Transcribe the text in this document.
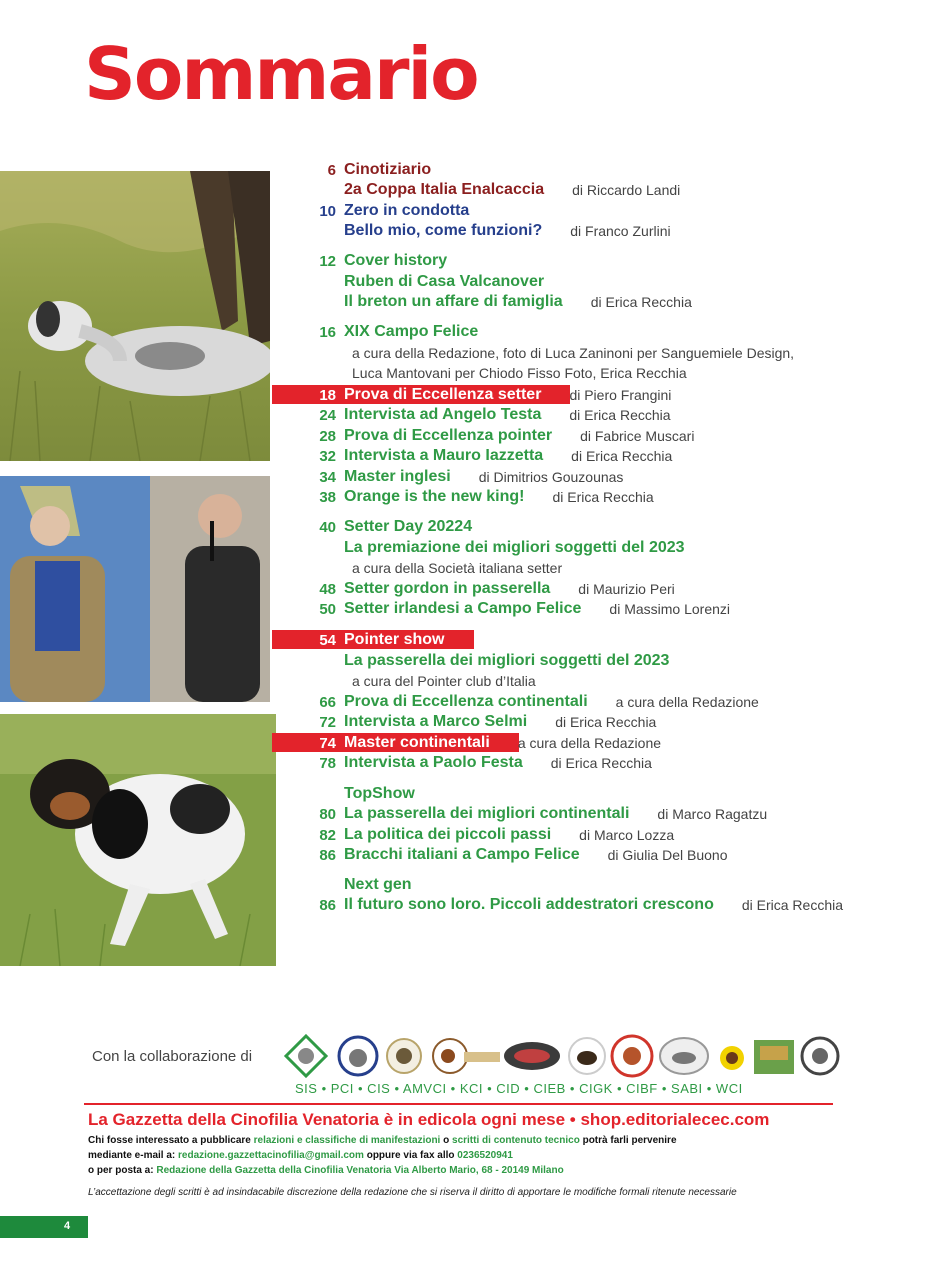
Sommario
6 Cinotiziario
2a Coppa Italia Enalcaccia di Riccardo Landi
10 Zero in condotta
Bello mio, come funzioni? di Franco Zurlini
12 Cover history
Ruben di Casa Valcanover
Il breton un affare di famiglia di Erica Recchia
16 XIX Campo Felice
a cura della Redazione, foto di Luca Zaninoni per Sanguemiele Design,
Luca Mantovani per Chiodo Fisso Foto, Erica Recchia
18 Prova di Eccellenza setter di Piero Frangini
24 Intervista ad Angelo Testa di Erica Recchia
28 Prova di Eccellenza pointer di Fabrice Muscari
32 Intervista a Mauro Iazzetta di Erica Recchia
34 Master inglesi di Dimitrios Gouzounas
38 Orange is the new king! di Erica Recchia
40 Setter Day 20224
La premiazione dei migliori soggetti del 2023
a cura della Società italiana setter
48 Setter gordon in passerella di Maurizio Peri
50 Setter irlandesi a Campo Felice di Massimo Lorenzi
54 Pointer show
La passerella dei migliori soggetti del 2023
a cura del Pointer club d’Italia
66 Prova di Eccellenza continentali a cura della Redazione
72 Intervista a Marco Selmi di Erica Recchia
74 Master continentali a cura della Redazione
78 Intervista a Paolo Festa di Erica Recchia
TopShow
80 La passerella dei migliori continentali di Marco Ragatzu
82 La politica dei piccoli passi di Marco Lozza
86 Bracchi italiani a Campo Felice di Giulia Del Buono
Next gen
86 Il futuro sono loro. Piccoli addestratori crescono di Erica Recchia
Con la collaborazione di
SIS • PCI • CIS • AMVCI • KCI • CID • CIEB • CIGK • CIBF • SABI • WCI
La Gazzetta della Cinofilia Venatoria è in edicola ogni mese • shop.editorialecec.com
Chi fosse interessato a pubblicare relazioni e classifiche di manifestazioni o scritti di contenuto tecnico potrà farli pervenire
mediante e-mail a: redazione.gazzettacinofilia@gmail.com oppure via fax allo 0236520941
o per posta a: Redazione della Gazzetta della Cinofilia Venatoria Via Alberto Mario, 68 - 20149 Milano
L’accettazione degli scritti è ad insindacabile discrezione della redazione che si riserva il diritto di apportare le modifiche formali ritenute necessarie
4
